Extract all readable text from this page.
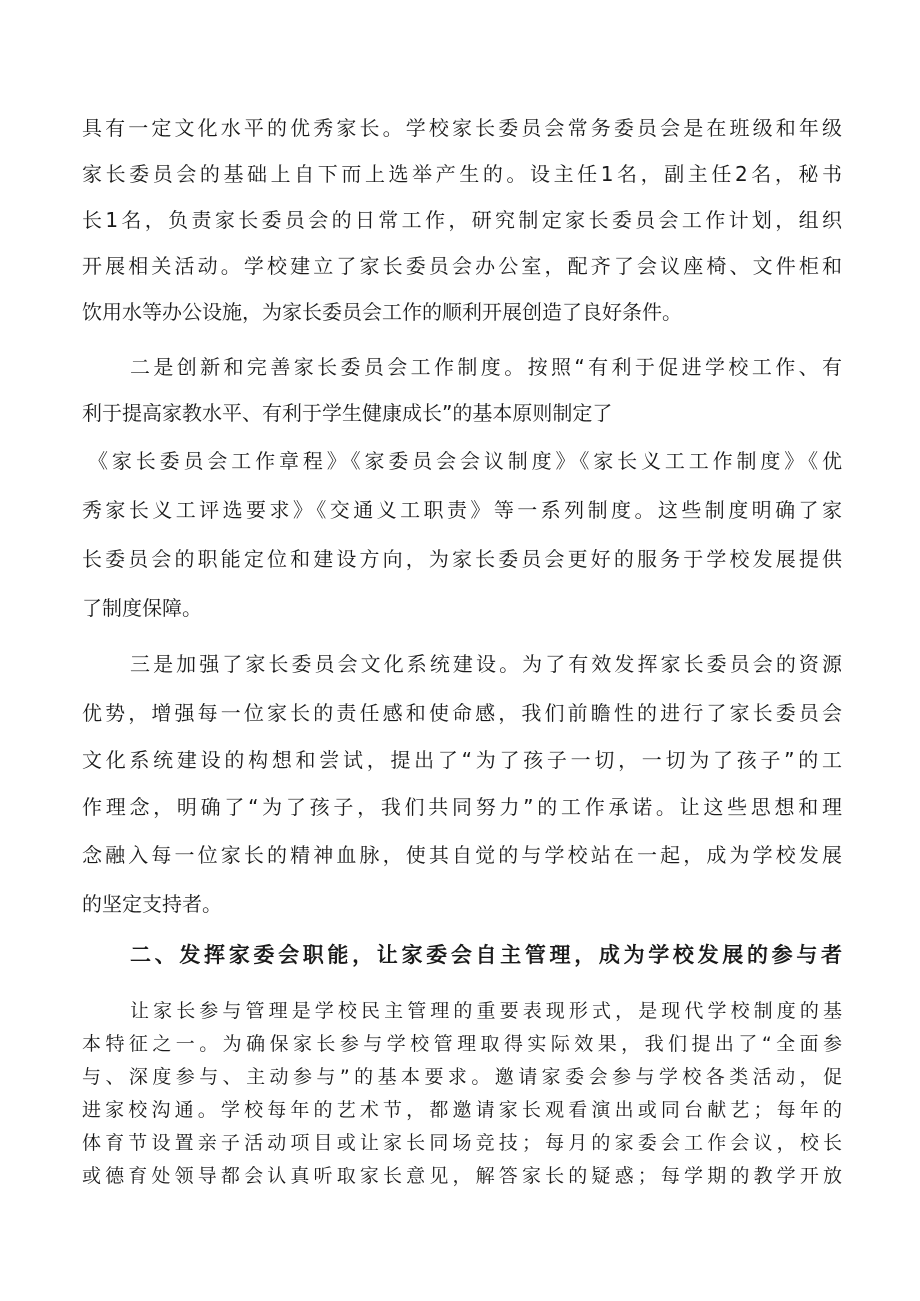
具有一定文化水平的优秀家长。学校家长委员会常务委员会是在班级和年级
家长委员会的基础上自下而上选举产生的。设主任1名，副主任2名，秘书
长1名，负责家长委员会的日常工作，研究制定家长委员会工作计划，组织
开展相关活动。学校建立了家长委员会办公室，配齐了会议座椅、文件柜和
饮用水等办公设施，为家长委员会工作的顺利开展创造了良好条件。
二是创新和完善家长委员会工作制度。按照“有利于促进学校工作、有
利于提高家教水平、有利于学生健康成长”的基本原则制定了
《家长委员会工作章程》《家委员会会议制度》《家长义工工作制度》《优
秀家长义工评选要求》《交通义工职责》等一系列制度。这些制度明确了家
长委员会的职能定位和建设方向，为家长委员会更好的服务于学校发展提供
了制度保障。
三是加强了家长委员会文化系统建设。为了有效发挥家长委员会的资源
优势，增强每一位家长的责任感和使命感，我们前瞻性的进行了家长委员会
文化系统建设的构想和尝试，提出了“为了孩子一切，一切为了孩子”的工
作理念，明确了“为了孩子，我们共同努力”的工作承诺。让这些思想和理
念融入每一位家长的精神血脉，使其自觉的与学校站在一起，成为学校发展
的坚定支持者。
二、发挥家委会职能，让家委会自主管理，成为学校发展的参与者
让家长参与管理是学校民主管理的重要表现形式，是现代学校制度的基
本特征之一。为确保家长参与学校管理取得实际效果，我们提出了“全面参
与、深度参与、主动参与”的基本要求。邀请家委会参与学校各类活动，促
进家校沟通。学校每年的艺术节，都邀请家长观看演出或同台献艺；每年的
体育节设置亲子活动项目或让家长同场竞技；每月的家委会工作会议，校长
或德育处领导都会认真听取家长意见，解答家长的疑惑；每学期的教学开放
